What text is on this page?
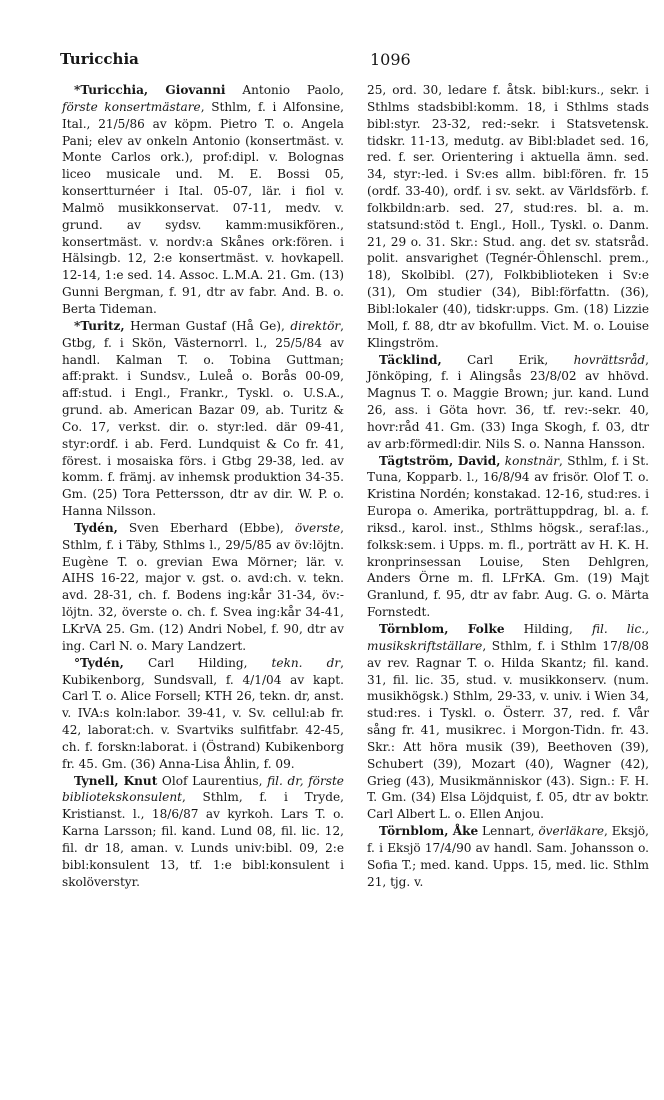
Turicchia	1096

*Turicchia, Giovanni Antonio Paolo, förste konsertmästare, Sthlm, f. i Alfonsine, Ital., 21/5/86 av köpm. Pietro T. o. Angela Pani; elev av onkeln Antonio (konsertmäst. v. Monte Carlos ork.), prof:dipl. v. Bolognas liceo musicale und. M. E. Bossi 05, konsertturnéer i Ital. 05-07, lär. i fiol v. Malmö musikkonservat. 07-11, medv. v. grund. av sydsv. kamm:musikfören., konsertmäst. v. nordv:a Skånes ork:fören. i Hälsingb. 12, 2:e konsertmäst. v. hovkapell. 12-14, 1:e sed. 14. Assoc. L.M.A. 21. Gm. (13) Gunni Bergman, f. 91, dtr av fabr. And. B. o. Berta Tideman.

*Turitz, Herman Gustaf (Hå Ge), direktör, Gtbg, f. i Skön, Västernorrl. l., 25/5/84 av handl. Kalman T. o. Tobina Guttman; aff:prakt. i Sundsv., Luleå o. Borås 00-09, aff:stud. i Engl., Frankr., Tyskl. o. U.S.A., grund. ab. American Bazar 09, ab. Turitz & Co. 17, verkst. dir. o. styr:led. där 09-41, styr:ordf. i ab. Ferd. Lundquist & Co fr. 41, förest. i mosaiska förs. i Gtbg 29-38, led. av komm. f. främj. av inhemsk produktion 34-35. Gm. (25) Tora Pettersson, dtr av dir. W. P. o. Hanna Nilsson.

Tydén, Sven Eberhard (Ebbe), överste, Sthlm, f. i Täby, Sthlms l., 29/5/85 av öv:löjtn. Eugène T. o. grevian Ewa Mörner; lär. v. AIHS 16-22, major v. gst. o. avd:ch. v. tekn. avd. 28-31, ch. f. Bodens ing:kår 31-34, öv:-löjtn. 32, överste o. ch. f. Svea ing:kår 34-41, LKrVA 25. Gm. (12) Andri Nobel, f. 90, dtr av ing. Carl N. o. Mary Landzert.

°Tydén, Carl Hilding, tekn. dr, Kubikenborg, Sundsvall, f. 4/1/04 av kapt. Carl T. o. Alice Forsell; KTH 26, tekn. dr, anst. v. IVA:s koln:labor. 39-41, v. Sv. cellul:ab fr. 42, laborat:ch. v. Svartviks sulfitfabr. 42-45, ch. f. forskn:laborat. i (Östrand) Kubikenborg fr. 45. Gm. (36) Anna-Lisa Åhlin, f. 09.

Tynell, Knut Olof Laurentius, fil. dr, förste bibliotekskonsulent, Sthlm, f. i Tryde, Kristianst. l., 18/6/87 av kyrkoh. Lars T. o. Karna Larsson; fil. kand. Lund 08, fil. lic. 12, fil. dr 18, aman. v. Lunds univ:bibl. 09, 2:e bibl:konsulent 13, tf. 1:e bibl:konsulent i skolöverstyr.

25, ord. 30, ledare f. åtsk. bibl:kurs., sekr. i Sthlms stadsbibl:komm. 18, i Sthlms stads bibl:styr. 23-32, red:-sekr. i Statsvetensk. tidskr. 11-13, medutg. av Bibl:bladet sed. 16, red. f. ser. Orientering i aktuella ämn. sed. 34, styr:-led. i Sv:es allm. bibl:fören. fr. 15 (ordf. 33-40), ordf. i sv. sekt. av Världsförb. f. folkbildn:arb. sed. 27, stud:res. bl. a. m. statsund:stöd t. Engl., Holl., Tyskl. o. Danm. 21, 29 o. 31. Skr.: Stud. ang. det sv. statsråd. polit. ansvarighet (Tegnér-Öhlenschl. prem., 18), Skolbibl. (27), Folkbiblioteken i Sv:e (31), Om studier (34), Bibl:författn. (36), Bibl:lokaler (40), tidskr:upps. Gm. (18) Lizzie Moll, f. 88, dtr av bkofullm. Vict. M. o. Louise Klingström.

Täcklind, Carl Erik, hovrättsråd, Jönköping, f. i Alingsås 23/8/02 av hhövd. Magnus T. o. Maggie Brown; jur. kand. Lund 26, ass. i Göta hovr. 36, tf. rev:-sekr. 40, hovr:råd 41. Gm. (33) Inga Skogh, f. 03, dtr av arb:förmedl:dir. Nils S. o. Nanna Hansson.

Tägtström, David, konstnär, Sthlm, f. i St. Tuna, Kopparb. l., 16/8/94 av frisör. Olof T. o. Kristina Nordén; konstakad. 12-16, stud:res. i Europa o. Amerika, porträttuppdrag, bl. a. f. riksd., karol. inst., Sthlms högsk., seraf:las., folksk:sem. i Upps. m. fl., porträtt av H. K. H. kronprinsessan Louise, Sten Dehlgren, Anders Örne m. fl. LFrKA. Gm. (19) Majt Granlund, f. 95, dtr av fabr. Aug. G. o. Märta Fornstedt.

Törnblom, Folke Hilding, fil. lic., musikskriftställare, Sthlm, f. i Sthlm 17/8/08 av rev. Ragnar T. o. Hilda Skantz; fil. kand. 31, fil. lic. 35, stud. v. musikkonserv. (num. musikhögsk.) Sthlm, 29-33, v. univ. i Wien 34, stud:res. i Tyskl. o. Österr. 37, red. f. Vår sång fr. 41, musikrec. i Morgon-Tidn. fr. 43. Skr.: Att höra musik (39), Beethoven (39), Schubert (39), Mozart (40), Wagner (42), Grieg (43), Musikmänniskor (43). Sign.: F. H. T. Gm. (34) Elsa Löjdquist, f. 05, dtr av boktr. Carl Albert L. o. Ellen Anjou.

Törnblom, Åke Lennart, överläkare, Eksjö, f. i Eksjö 17/4/90 av handl. Sam. Johansson o. Sofia T.; med. kand. Upps. 15, med. lic. Sthlm 21, tjg. v.
